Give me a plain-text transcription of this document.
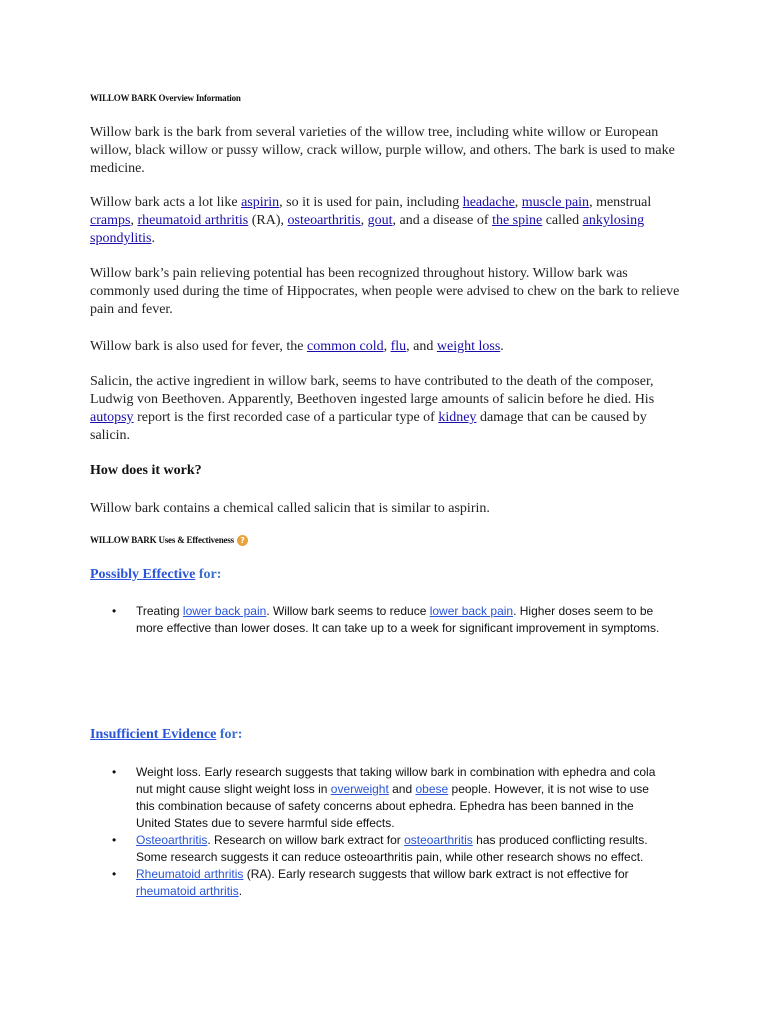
WILLOW BARK Overview Information

Willow bark is the bark from several varieties of the willow tree, including white willow or European willow, black willow or pussy willow, crack willow, purple willow, and others. The bark is used to make medicine.

Willow bark acts a lot like aspirin, so it is used for pain, including headache, muscle pain, menstrual cramps, rheumatoid arthritis (RA), osteoarthritis, gout, and a disease of the spine called ankylosing spondylitis.

Willow bark’s pain relieving potential has been recognized throughout history. Willow bark was commonly used during the time of Hippocrates, when people were advised to chew on the bark to relieve pain and fever.

Willow bark is also used for fever, the common cold, flu, and weight loss.

Salicin, the active ingredient in willow bark, seems to have contributed to the death of the composer, Ludwig von Beethoven. Apparently, Beethoven ingested large amounts of salicin before he died. His autopsy report is the first recorded case of a particular type of kidney damage that can be caused by salicin.

How does it work?

Willow bark contains a chemical called salicin that is similar to aspirin.

WILLOW BARK Uses & Effectiveness ?
Possibly Effective for:
• Treating lower back pain. Willow bark seems to reduce lower back pain. Higher doses seem to be more effective than lower doses. It can take up to a week for significant improvement in symptoms.
Insufficient Evidence for:
• Weight loss. Early research suggests that taking willow bark in combination with ephedra and cola nut might cause slight weight loss in overweight and obese people. However, it is not wise to use this combination because of safety concerns about ephedra. Ephedra has been banned in the United States due to severe harmful side effects.
• Osteoarthritis. Research on willow bark extract for osteoarthritis has produced conflicting results. Some research suggests it can reduce osteoarthritis pain, while other research shows no effect.
• Rheumatoid arthritis (RA). Early research suggests that willow bark extract is not effective for rheumatoid arthritis.
